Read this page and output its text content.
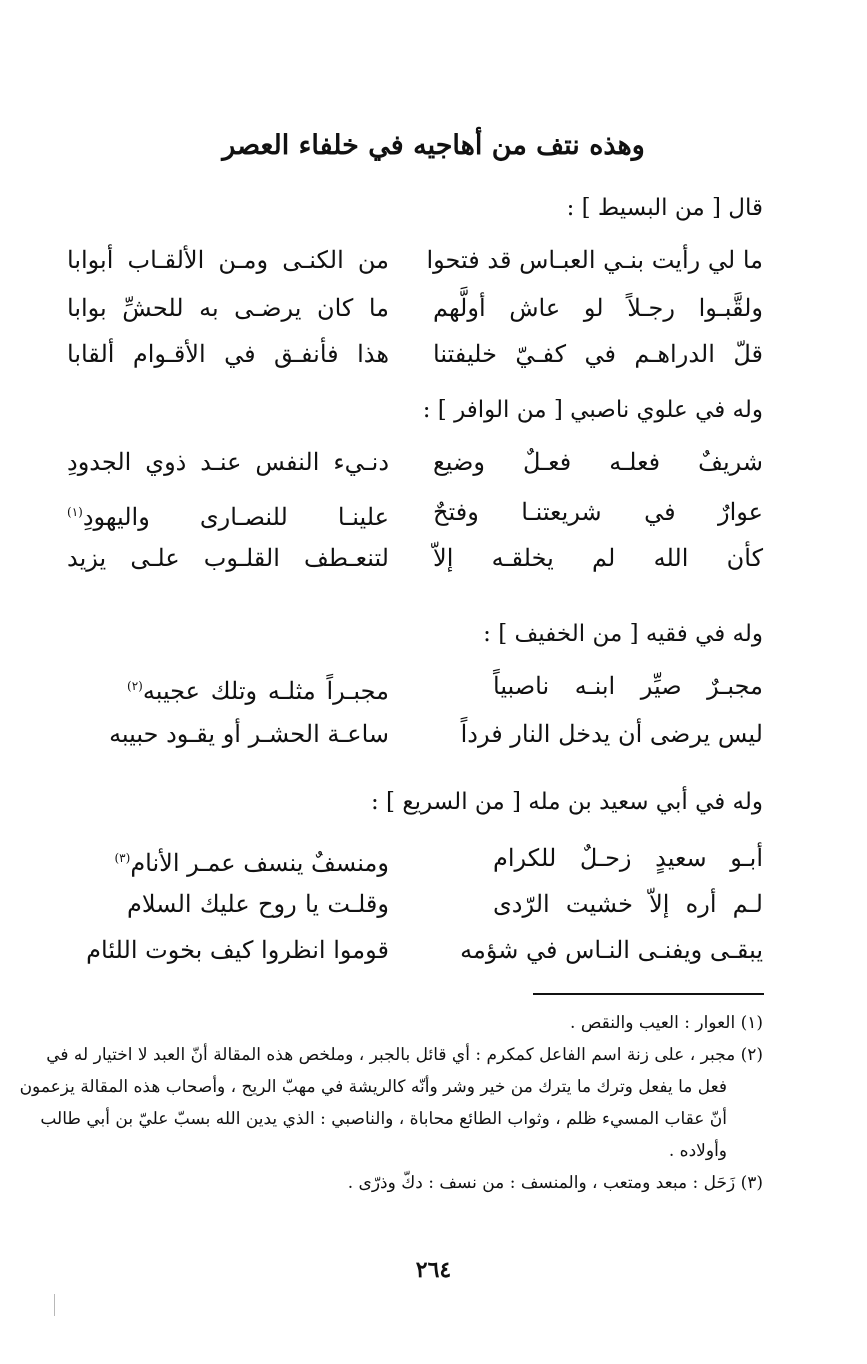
وهذه نتف من أهاجيه في خلفاء العصر
قال [ من البسيط ] :
ما لي رأيت بنـي العبـاس قد فتحوا
من الكنـى ومـن الألقـاب أبوابا
ولقَّبـوا رجـلاً لو عاش أولَّهم
ما كان يرضـى به للحشِّ بوابا
قلّ الدراهـم في كفـيّ خليفتنا
هذا فأنفـق في الأقـوام ألقابا
وله في علوي ناصبي [ من الوافر ] :
شريفٌ فعلـه فعـلٌ وضيع
دنـيء النفس عنـد ذوي الجدودِ
عوارٌ في شريعتنـا وفتحٌ
علينـا للنصـارى واليهودِ$^{(١)}$
كأن الله لم يخلقـه إلاّ
لتنعـطف القلـوب علـى يزيد
وله في فقيه [ من الخفيف ] :
مجبـرٌ صيِّر ابنـه ناصبياً
مجبـراً مثلـه وتلك عجيبه$^{(٢)}$
ليس يرضى أن يدخل النار فرداً
ساعـة الحشـر أو يقـود حبيبه
وله في أبي سعيد بن مله [ من السريع ] :
أبـو سعيدٍ زحـلٌ للكرام
ومنسفٌ ينسف عمـر الأنام$^{(٣)}$
لـم أره إلاّ خشيت الرّدى
وقلـت يا روح عليك السلام
يبقـى ويفنـى النـاس في شؤمه
قوموا انظروا كيف بخوت اللئام
(١) العوار : العيب والنقص .
(٢) مجبر ، على زنة اسم الفاعل كمكرم : أي قائل بالجبر ، وملخص هذه المقالة أنّ العبد لا اختيار له في
فعل ما يفعل وترك ما يترك من خير وشر وأنّه كالريشة في مهبّ الريح ، وأصحاب هذه المقالة يزعمون
أنّ عقاب المسيء ظلم ، وثواب الطائع محاباة ، والناصبي : الذي يدين الله بسبّ عليّ بن أبي طالب
وأولاده .
(٣) زَحَل : مبعد ومتعب ، والمنسف : من نسف : دكّ وذرّى .
٢٦٤
